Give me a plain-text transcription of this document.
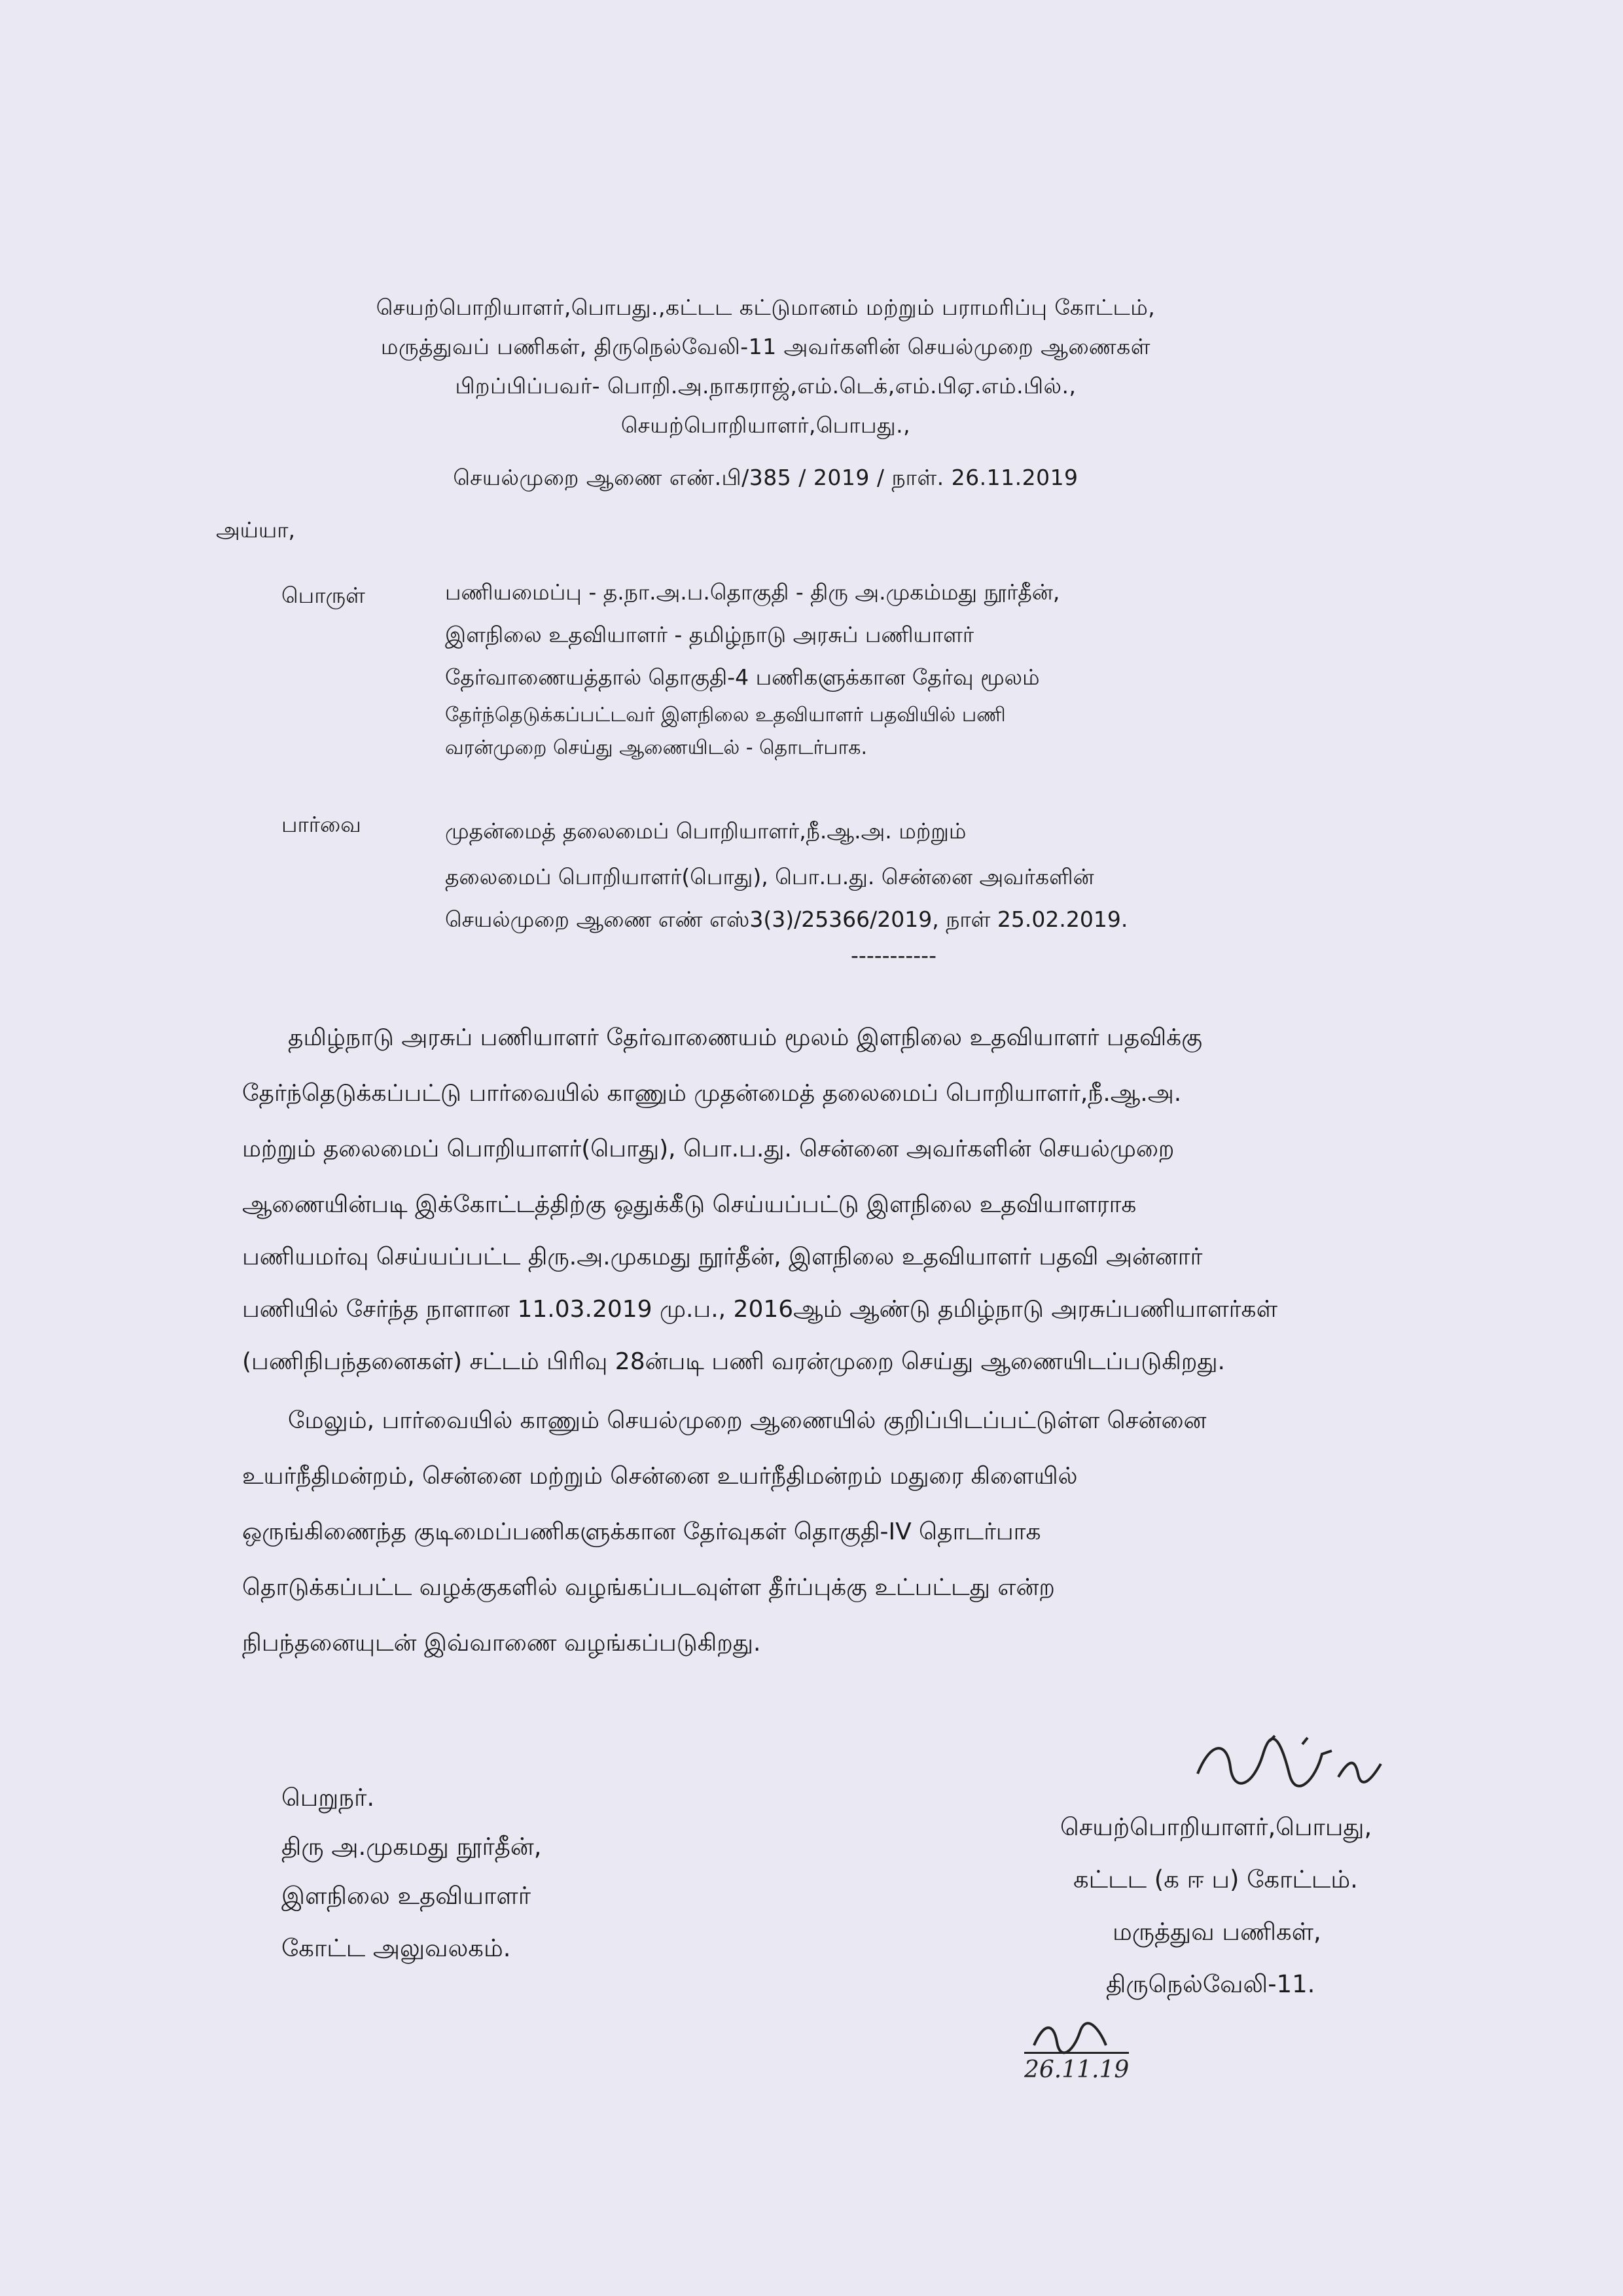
செயற்பொறியாளர்,பொபது.,கட்டட கட்டுமானம் மற்றும் பராமரிப்பு கோட்டம்,
மருத்துவப் பணிகள், திருநெல்வேலி-11 அவர்களின் செயல்முறை ஆணைகள்
பிறப்பிப்பவர்- பொறி.அ.நாகராஜ்,எம்.டெக்,எம்.பிஏ.எம்.பில்.,
செயற்பொறியாளர்,பொபது.,
செயல்முறை ஆணை எண்.பி/385 / 2019 / நாள். 26.11.2019
அய்யா,
பொருள்	பணியமைப்பு - த.நா.அ.ப.தொகுதி - திரு அ.முகம்மது நூர்தீன்,
இளநிலை உதவியாளர் - தமிழ்நாடு அரசுப் பணியாளர்
தேர்வாணையத்தால் தொகுதி-4 பணிகளுக்கான தேர்வு மூலம்
தேர்ந்தெடுக்கப்பட்டவர் இளநிலை உதவியாளர் பதவியில் பணி
வரன்முறை செய்து ஆணையிடல் - தொடர்பாக.
பார்வை	முதன்மைத் தலைமைப் பொறியாளர்,நீ.ஆ.அ. மற்றும்
தலைமைப் பொறியாளர்(பொது), பொ.ப.து. சென்னை அவர்களின்
செயல்முறை ஆணை எண் எஸ்3(3)/25366/2019, நாள் 25.02.2019.
-----------
தமிழ்நாடு அரசுப் பணியாளர் தேர்வாணையம் மூலம் இளநிலை உதவியாளர் பதவிக்கு
தேர்ந்தெடுக்கப்பட்டு பார்வையில் காணும் முதன்மைத் தலைமைப் பொறியாளர்,நீ.ஆ.அ.
மற்றும் தலைமைப் பொறியாளர்(பொது), பொ.ப.து. சென்னை அவர்களின் செயல்முறை
ஆணையின்படி இக்கோட்டத்திற்கு ஒதுக்கீடு செய்யப்பட்டு இளநிலை உதவியாளராக
பணியமர்வு செய்யப்பட்ட திரு.அ.முகமது நூர்தீன், இளநிலை உதவியாளர் பதவி அன்னார்
பணியில் சேர்ந்த நாளான 11.03.2019 மு.ப., 2016ஆம் ஆண்டு தமிழ்நாடு அரசுப்பணியாளர்கள்
(பணிநிபந்தனைகள்) சட்டம் பிரிவு 28ன்படி பணி வரன்முறை செய்து ஆணையிடப்படுகிறது.
மேலும், பார்வையில் காணும் செயல்முறை ஆணையில் குறிப்பிடப்பட்டுள்ள சென்னை
உயர்நீதிமன்றம், சென்னை மற்றும் சென்னை உயர்நீதிமன்றம் மதுரை கிளையில்
ஒருங்கிணைந்த குடிமைப்பணிகளுக்கான தேர்வுகள் தொகுதி-IV தொடர்பாக
தொடுக்கப்பட்ட வழக்குகளில் வழங்கப்படவுள்ள தீர்ப்புக்கு உட்பட்டது என்ற
நிபந்தனையுடன் இவ்வாணை வழங்கப்படுகிறது.
பெறுநர்.
திரு அ.முகமது நூர்தீன்,
இளநிலை உதவியாளர்
கோட்ட அலுவலகம்.
செயற்பொறியாளர்,பொபது,
கட்டட (க ஈ ப) கோட்டம்.
மருத்துவ பணிகள்,
திருநெல்வேலி-11.
26.11.19
